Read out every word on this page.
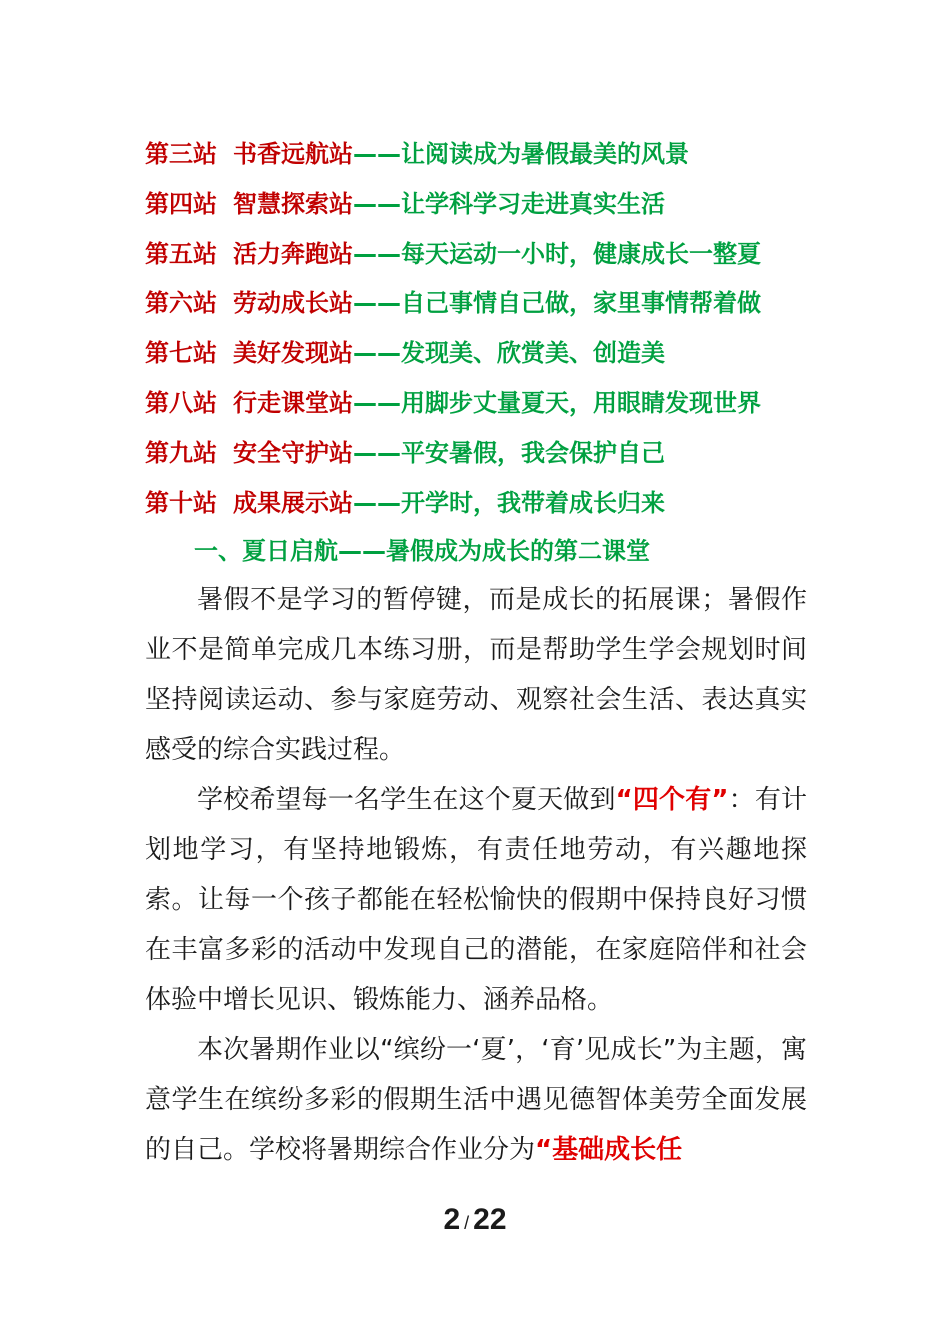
第三站 书香远航站——让阅读成为暑假最美的风景
第四站 智慧探索站——让学科学习走进真实生活
第五站 活力奔跑站——每天运动一小时，健康成长一整夏
第六站 劳动成长站——自己事情自己做，家里事情帮着做
第七站 美好发现站——发现美、欣赏美、创造美
第八站 行走课堂站——用脚步丈量夏天，用眼睛发现世界
第九站 安全守护站——平安暑假，我会保护自己
第十站 成果展示站——开学时，我带着成长归来
一、夏日启航——暑假成为成长的第二课堂

暑假不是学习的暂停键，而是成长的拓展课；暑假作业不是简单完成几本练习册，而是帮助学生学会规划时间坚持阅读运动、参与家庭劳动、观察社会生活、表达真实感受的综合实践过程。

学校希望每一名学生在这个夏天做到“四个有”：有计划地学习，有坚持地锻炼，有责任地劳动，有兴趣地探索。让每一个孩子都能在轻松愉快的假期中保持良好习惯在丰富多彩的活动中发现自己的潜能，在家庭陪伴和社会体验中增长见识、锻炼能力、涵养品格。

本次暑期作业以“缤纷一‘夏’，‘育’见成长”为主题，寓意学生在缤纷多彩的假期生活中遇见德智体美劳全面发展的自己。学校将暑期综合作业分为“基础成长任

2 / 22
